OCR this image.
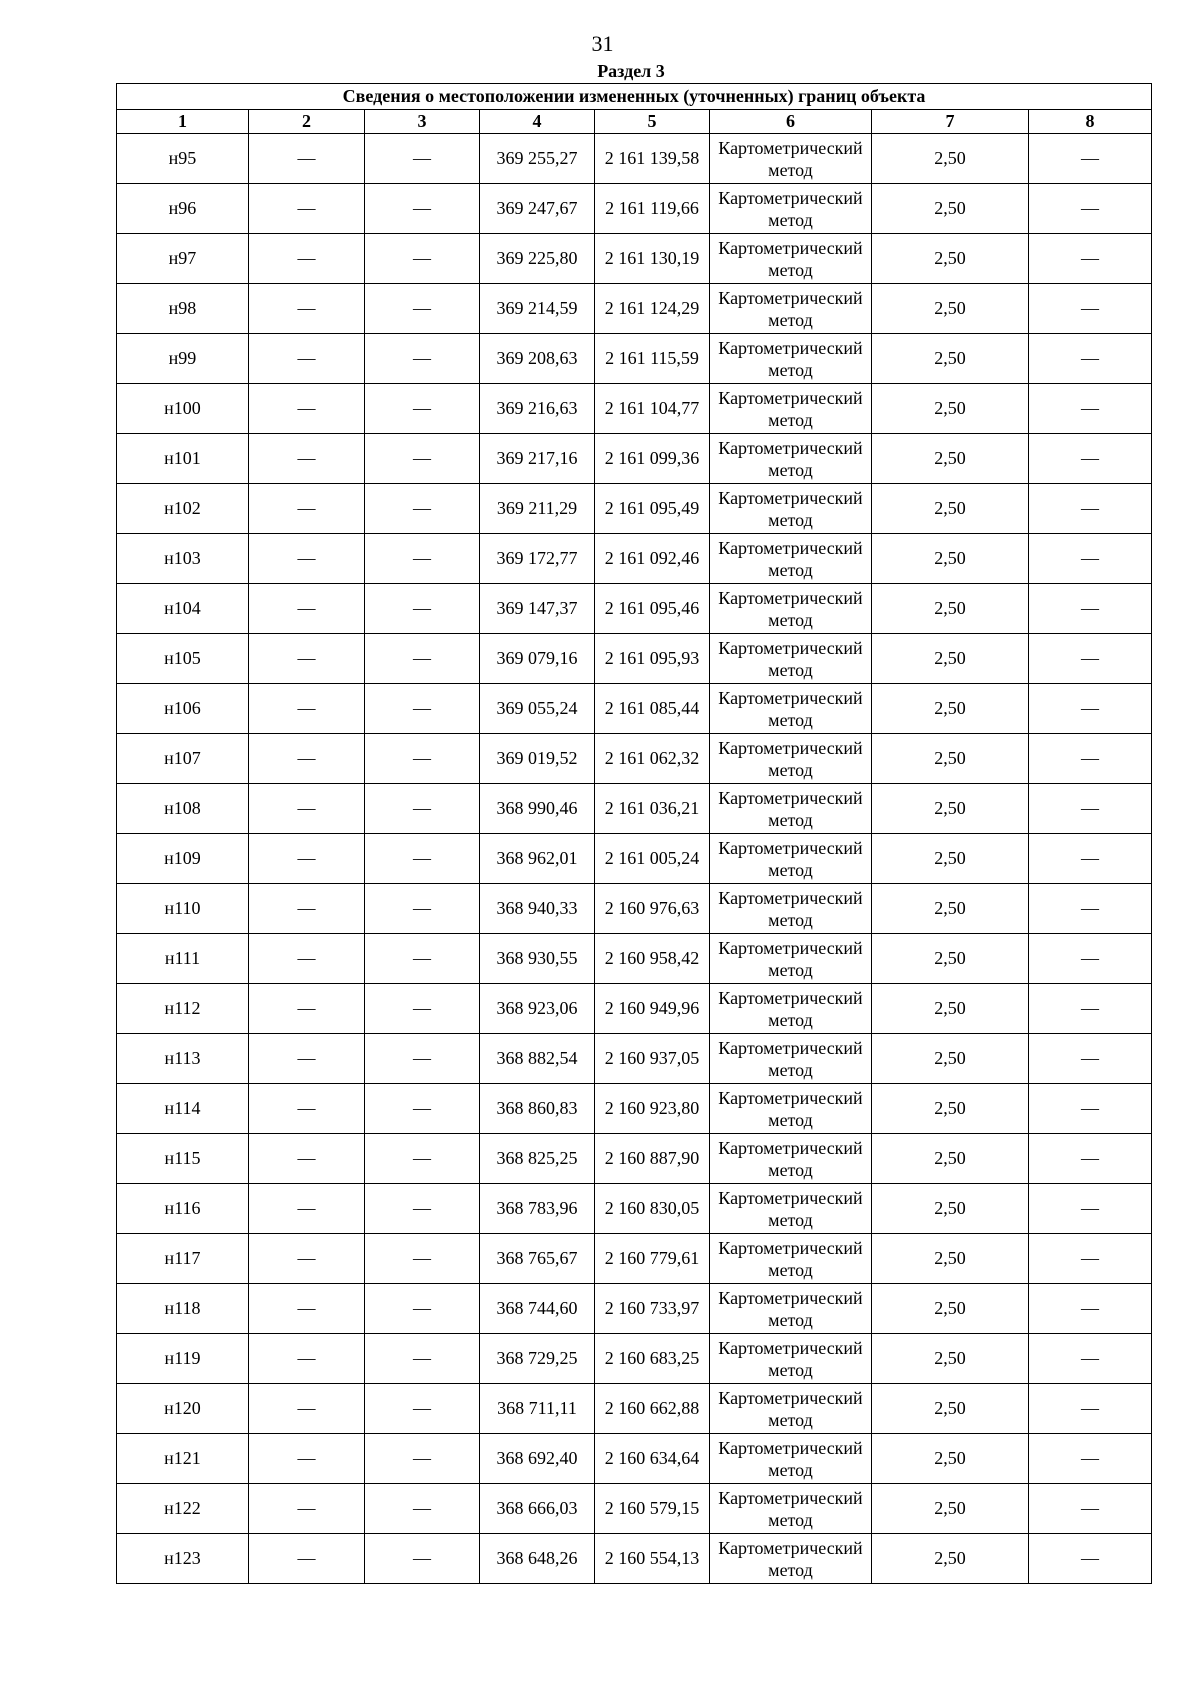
31
Раздел 3
Сведения о местоположении измененных (уточненных) границ объекта							
1	2	3	4	5	6	7	8
н95	—	—	369 255,27	2 161 139,58	Картометрический метод	2,50	—
н96	—	—	369 247,67	2 161 119,66	Картометрический метод	2,50	—
н97	—	—	369 225,80	2 161 130,19	Картометрический метод	2,50	—
н98	—	—	369 214,59	2 161 124,29	Картометрический метод	2,50	—
н99	—	—	369 208,63	2 161 115,59	Картометрический метод	2,50	—
н100	—	—	369 216,63	2 161 104,77	Картометрический метод	2,50	—
н101	—	—	369 217,16	2 161 099,36	Картометрический метод	2,50	—
н102	—	—	369 211,29	2 161 095,49	Картометрический метод	2,50	—
н103	—	—	369 172,77	2 161 092,46	Картометрический метод	2,50	—
н104	—	—	369 147,37	2 161 095,46	Картометрический метод	2,50	—
н105	—	—	369 079,16	2 161 095,93	Картометрический метод	2,50	—
н106	—	—	369 055,24	2 161 085,44	Картометрический метод	2,50	—
н107	—	—	369 019,52	2 161 062,32	Картометрический метод	2,50	—
н108	—	—	368 990,46	2 161 036,21	Картометрический метод	2,50	—
н109	—	—	368 962,01	2 161 005,24	Картометрический метод	2,50	—
н110	—	—	368 940,33	2 160 976,63	Картометрический метод	2,50	—
н111	—	—	368 930,55	2 160 958,42	Картометрический метод	2,50	—
н112	—	—	368 923,06	2 160 949,96	Картометрический метод	2,50	—
н113	—	—	368 882,54	2 160 937,05	Картометрический метод	2,50	—
н114	—	—	368 860,83	2 160 923,80	Картометрический метод	2,50	—
н115	—	—	368 825,25	2 160 887,90	Картометрический метод	2,50	—
н116	—	—	368 783,96	2 160 830,05	Картометрический метод	2,50	—
н117	—	—	368 765,67	2 160 779,61	Картометрический метод	2,50	—
н118	—	—	368 744,60	2 160 733,97	Картометрический метод	2,50	—
н119	—	—	368 729,25	2 160 683,25	Картометрический метод	2,50	—
н120	—	—	368 711,11	2 160 662,88	Картометрический метод	2,50	—
н121	—	—	368 692,40	2 160 634,64	Картометрический метод	2,50	—
н122	—	—	368 666,03	2 160 579,15	Картометрический метод	2,50	—
н123	—	—	368 648,26	2 160 554,13	Картометрический метод	2,50	—
